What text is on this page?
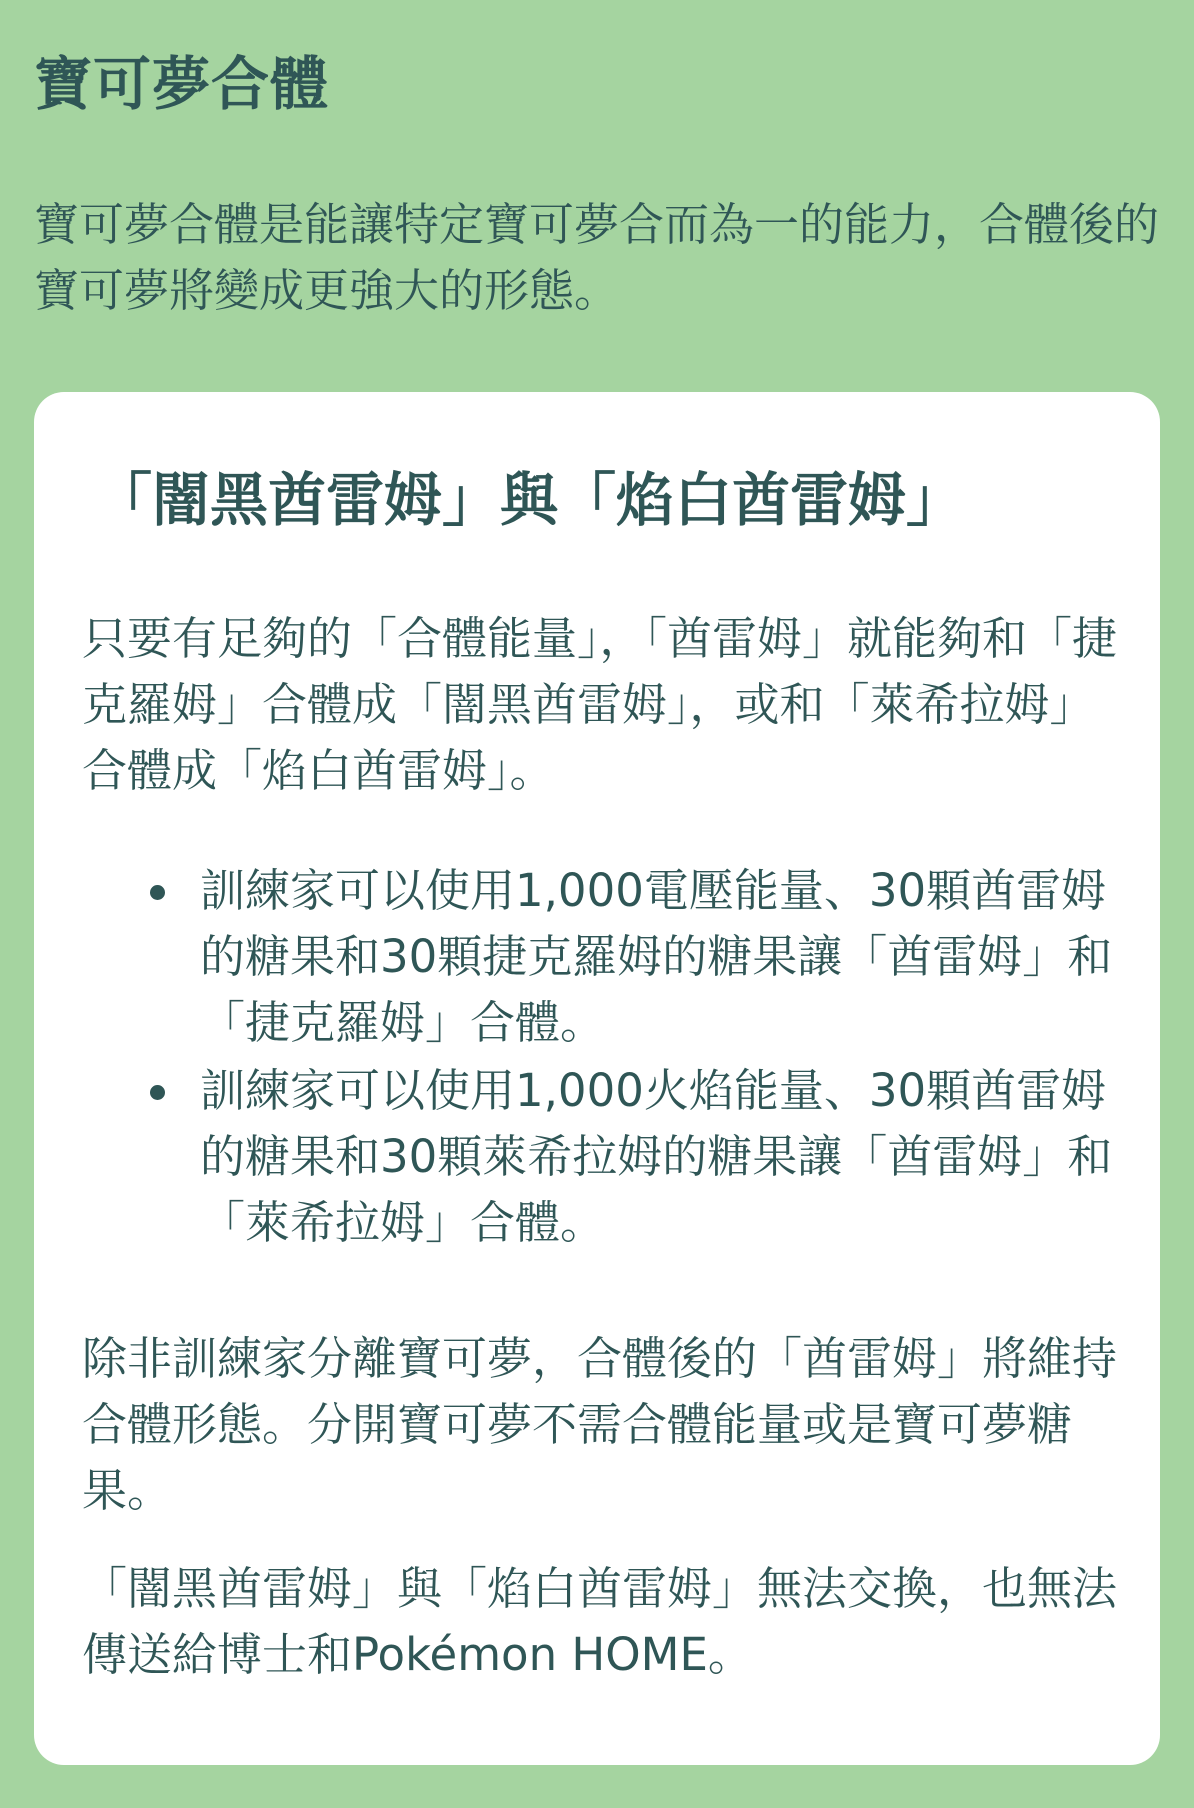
寶可夢合體

寶可夢合體是能讓特定寶可夢合而為一的能力，合體後的寶可夢將變成更強大的形態。

「闇黑酋雷姆」與「焰白酋雷姆」

只要有足夠的「合體能量」，「酋雷姆」就能夠和「捷克羅姆」合體成「闇黑酋雷姆」，或和「萊希拉姆」合體成「焰白酋雷姆」。

訓練家可以使用1,000電壓能量、30顆酋雷姆的糖果和30顆捷克羅姆的糖果讓「酋雷姆」和「捷克羅姆」合體。
訓練家可以使用1,000火焰能量、30顆酋雷姆的糖果和30顆萊希拉姆的糖果讓「酋雷姆」和「萊希拉姆」合體。

除非訓練家分離寶可夢，合體後的「酋雷姆」將維持合體形態。分開寶可夢不需合體能量或是寶可夢糖果。

「闇黑酋雷姆」與「焰白酋雷姆」無法交換，也無法傳送給博士和Pokémon HOME。
